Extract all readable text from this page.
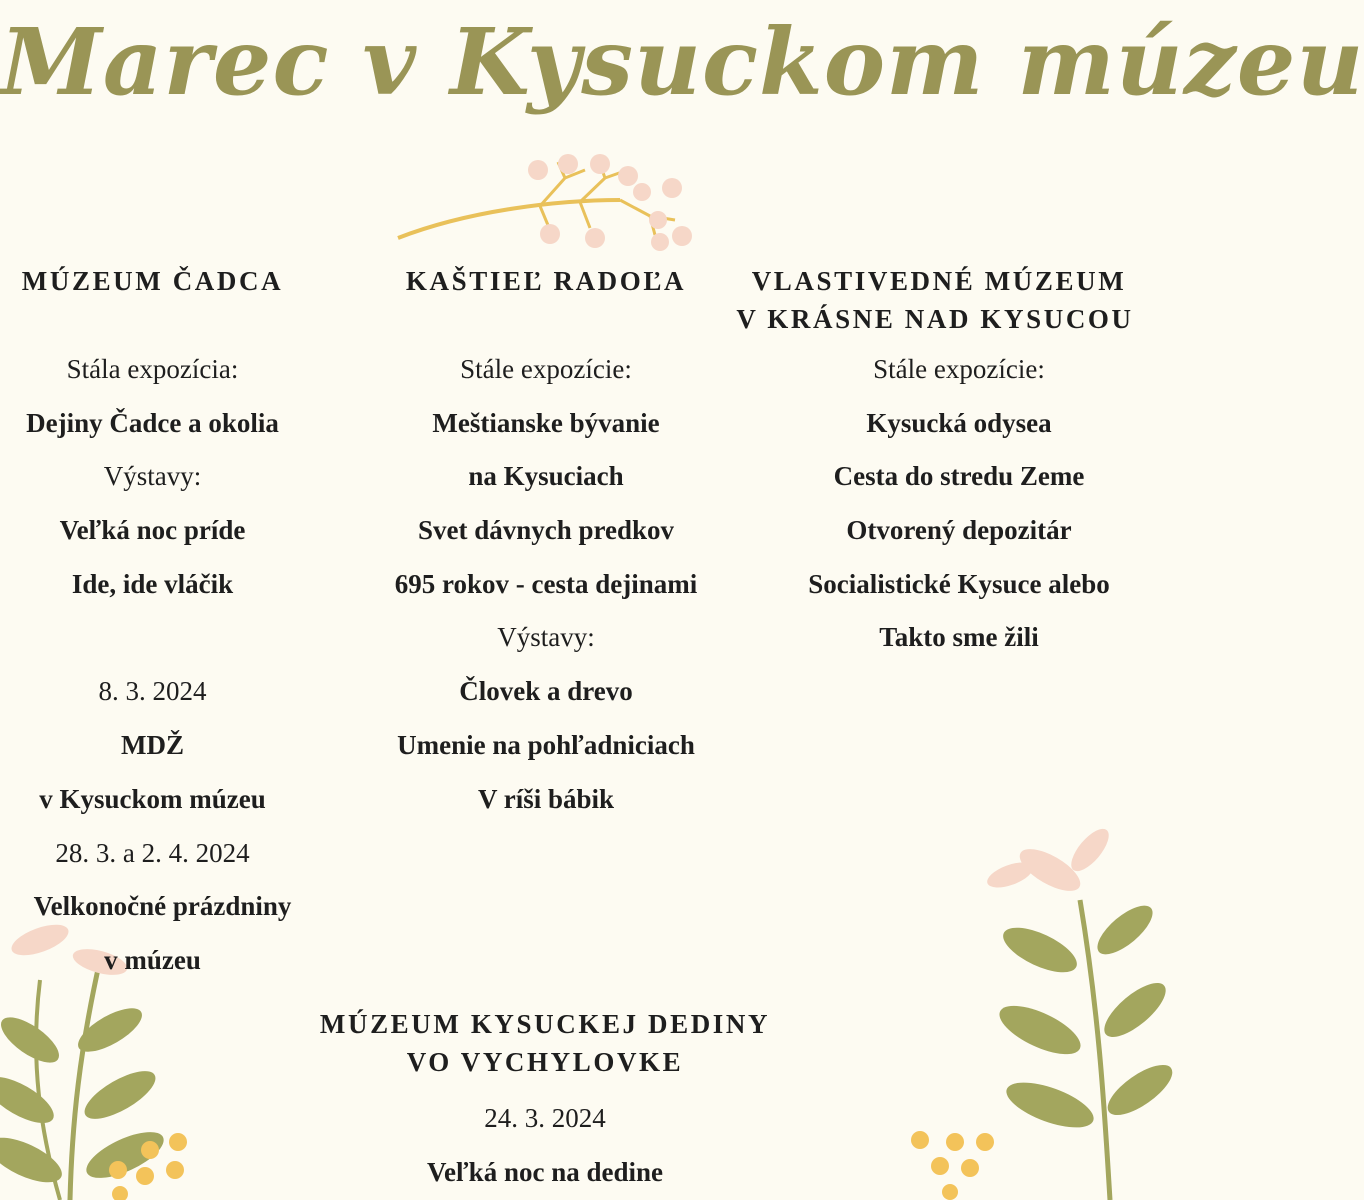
Marec v Kysuckom múzeu
MÚZEUM ČADCA
Stála expozícia:
Dejiny Čadce a okolia
Výstavy:
Veľká noc príde
Ide, ide vláčik
8. 3. 2024
MDŽ
v Kysuckom múzeu
28. 3. a 2. 4. 2024
Velkonočné prázdniny
v múzeu
KAŠTIEĽ RADOĽA
Stále expozície:
Meštianske bývanie
na Kysuciach
Svet dávnych predkov
695 rokov - cesta dejinami
Výstavy:
Človek a drevo
Umenie na pohľadniciach
V ríši bábik
VLASTIVEDNÉ MÚZEUM
V KRÁSNE NAD KYSUCOU
Stále expozície:
Kysucká odysea
Cesta do stredu Zeme
Otvorený depozitár
Socialistické Kysuce alebo
Takto sme žili
MÚZEUM KYSUCKEJ DEDINY
VO VYCHYLOVKE
24. 3. 2024
Veľká noc na dedine
